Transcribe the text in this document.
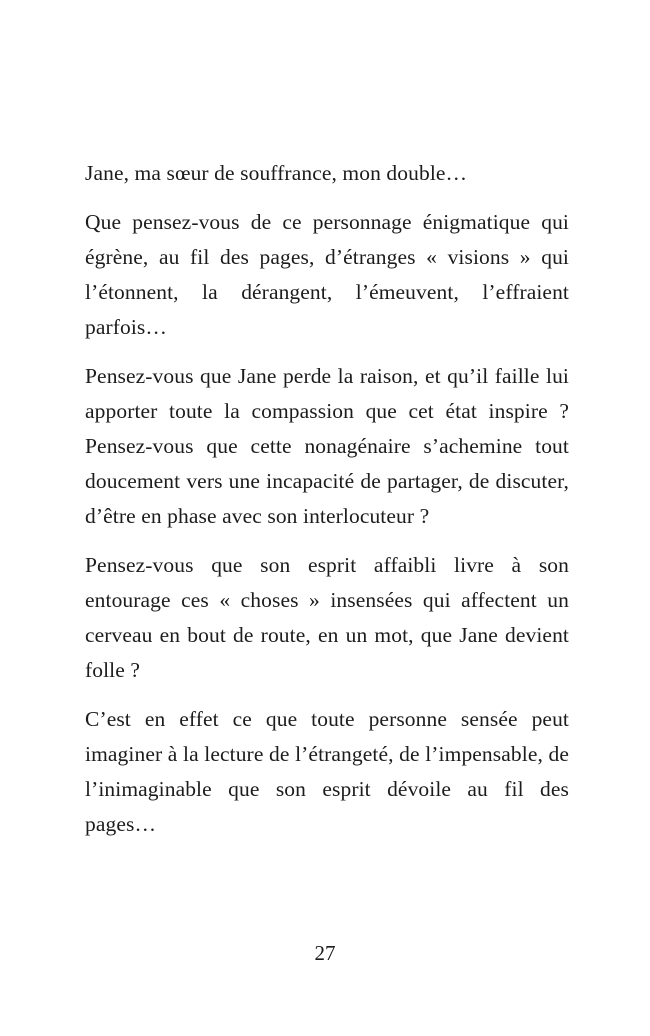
Jane, ma sœur de souffrance, mon double…

Que pensez-vous de ce personnage énigmatique qui égrène, au fil des pages, d’étranges « visions » qui l’étonnent, la dérangent, l’émeuvent, l’effraient parfois…

Pensez-vous que Jane perde la raison, et qu’il faille lui apporter toute la compassion que cet état inspire ? Pensez-vous que cette nonagénaire s’achemine tout doucement vers une incapacité de partager, de discuter, d’être en phase avec son interlocuteur ?

Pensez-vous que son esprit affaibli livre à son entourage ces « choses » insensées qui affectent un cerveau en bout de route, en un mot, que Jane devient folle ?

C’est en effet ce que toute personne sensée peut imaginer à la lecture de l’étrangeté, de l’impensable, de l’inimaginable que son esprit dévoile au fil des pages…

27
